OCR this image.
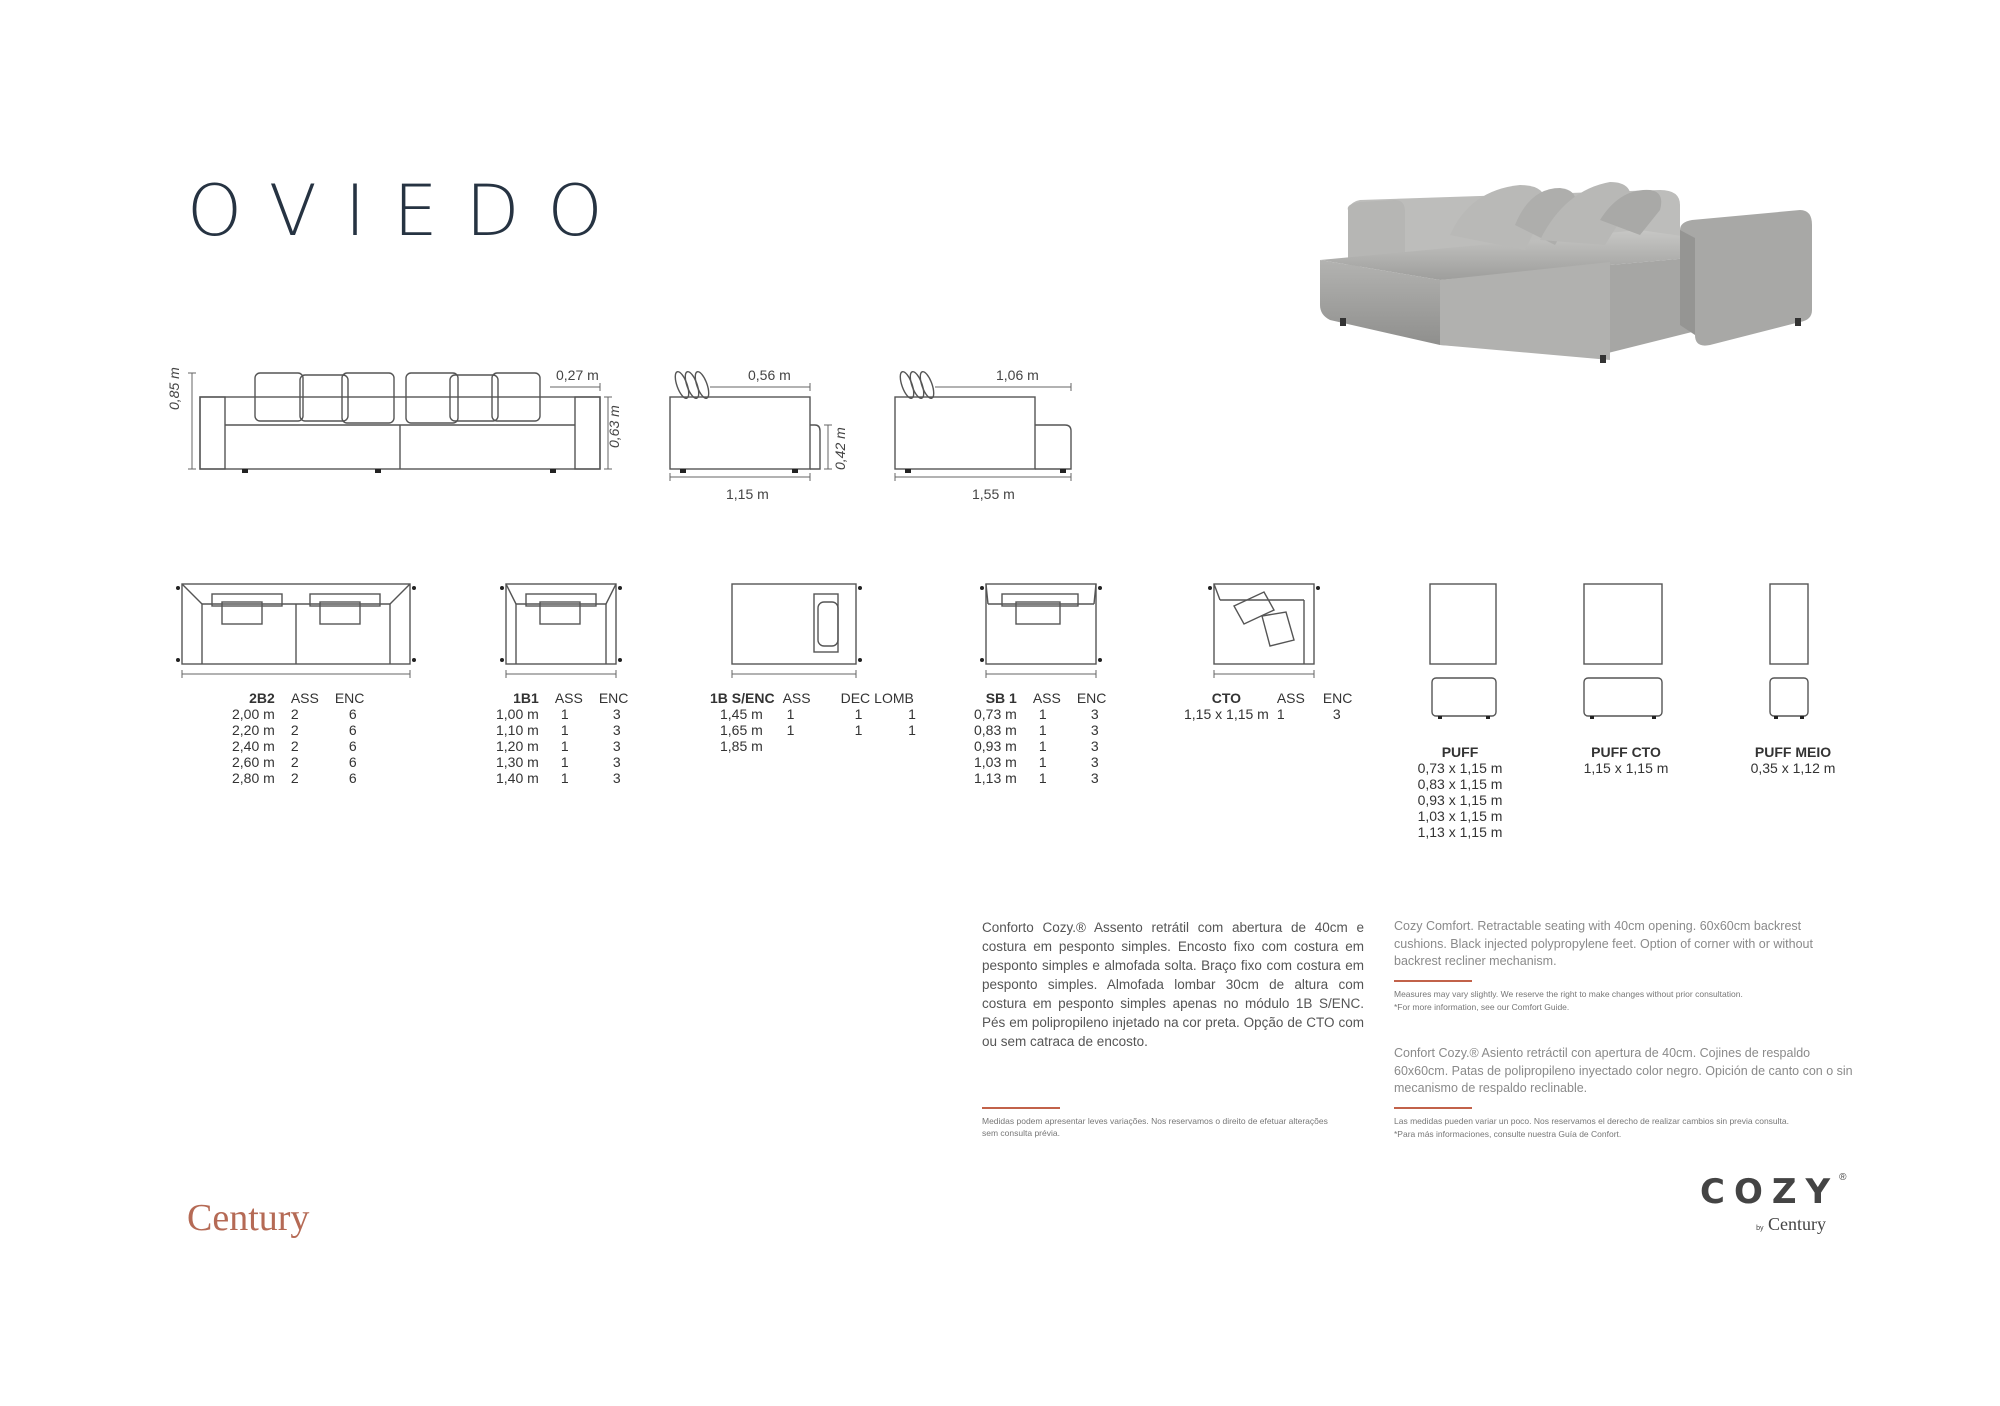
OVIEDO
0,85 m	0,27 m
0,63 m
0,56 m
0,42 m
1,15 m
1,06 m
1,55 m
2B2	ASS	ENC
2,00 m	2	6
2,20 m	2	6
2,40 m	2	6
2,60 m	2	6
2,80 m	2	6
1B1	ASS	ENC
1,00 m	1	3
1,10 m	1	3
1,20 m	1	3
1,30 m	1	3
1,40 m	1	3
1B S/ENC	ASS	DEC	LOMB
1,45 m	1	1	1
1,65 m	1	1	1
1,85 m			
SB 1	ASS	ENC
0,73 m	1	3
0,83 m	1	3
0,93 m	1	3
1,03 m	1	3
1,13 m	1	3
CTO	ASS	ENC
1,15 x 1,15 m	1	3
PUFF
0,73 x 1,15 m
0,83 x 1,15 m
0,93 x 1,15 m
1,03 x 1,15 m
1,13 x 1,15 m
PUFF CTO
1,15 x 1,15 m
PUFF MEIO
0,35 x 1,12 m
Conforto Cozy.® Assento retrátil com abertura de 40cm e costura em pesponto simples. Encosto fixo com costura em pesponto simples e almofada solta. Braço fixo com costura em pesponto simples. Almofada lombar 30cm de altura com costura em pesponto simples apenas no módulo 1B S/ENC. Pés em polipropileno injetado na cor preta. Opção de CTO com ou sem catraca de encosto.
Medidas podem apresentar leves variações. Nos reservamos o direito de efetuar alterações sem consulta prévia.
Cozy Comfort. Retractable seating with 40cm opening. 60x60cm backrest cushions. Black injected polypropylene feet. Option of corner with or without backrest recliner mechanism.
Measures may vary slightly. We reserve the right to make changes without prior consultation.
*For more information, see our Comfort Guide.
Confort Cozy.® Asiento retráctil con apertura de 40cm. Cojines de respaldo 60x60cm. Patas de polipropileno inyectado color negro. Opición de canto con o sin mecanismo de respaldo reclinable.
Las medidas pueden variar un poco. Nos reservamos el derecho de realizar cambios sin previa consulta.
*Para más informaciones, consulte nuestra Guía de Confort.
Century
COZY®
by Century
